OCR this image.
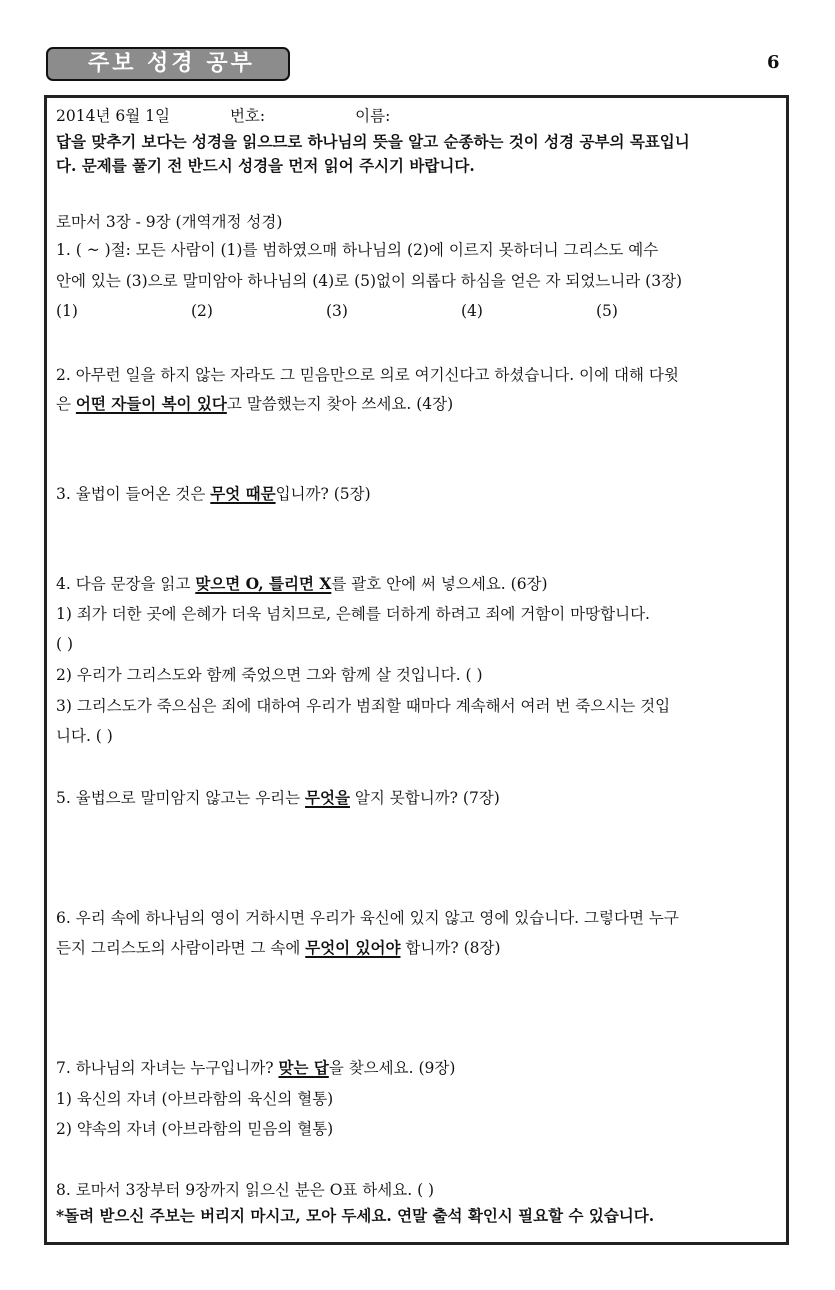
주보 성경 공부	6
2014년 6월 1일	번호:	이름:
답을 맞추기 보다는 성경을 읽으므로 하나님의 뜻을 알고 순종하는 것이 성경 공부의 목표입니
다. 문제를 풀기 전 반드시 성경을 먼저 읽어 주시기 바랍니다.
로마서 3장 - 9장 (개역개정 성경)
1. ( ~ )절: 모든 사람이 (1)를 범하였으매 하나님의 (2)에 이르지 못하더니 그리스도 예수
안에 있는 (3)으로 말미암아 하나님의 (4)로 (5)없이 의롭다 하심을 얻은 자 되었느니라 (3장)
(1)	(2)	(3)	(4)	(5)
2. 아무런 일을 하지 않는 자라도 그 믿음만으로 의로 여기신다고 하셨습니다. 이에 대해 다윗
은 어떤 자들이 복이 있다고 말씀했는지 찾아 쓰세요. (4장)
3. 율법이 들어온 것은 무엇 때문입니까? (5장)
4. 다음 문장을 읽고 맞으면 O, 틀리면 X를 괄호 안에 써 넣으세요. (6장)
1) 죄가 더한 곳에 은혜가 더욱 넘치므로, 은혜를 더하게 하려고 죄에 거함이 마땅합니다.
( )
2) 우리가 그리스도와 함께 죽었으면 그와 함께 살 것입니다. ( )
3) 그리스도가 죽으심은 죄에 대하여 우리가 범죄할 때마다 계속해서 여러 번 죽으시는 것입
니다. ( )
5. 율법으로 말미암지 않고는 우리는 무엇을 알지 못합니까? (7장)
6. 우리 속에 하나님의 영이 거하시면 우리가 육신에 있지 않고 영에 있습니다. 그렇다면 누구
든지 그리스도의 사람이라면 그 속에 무엇이 있어야 합니까? (8장)
7. 하나님의 자녀는 누구입니까? 맞는 답을 찾으세요. (9장)
1) 육신의 자녀 (아브라함의 육신의 혈통)
2) 약속의 자녀 (아브라함의 믿음의 혈통)
8. 로마서 3장부터 9장까지 읽으신 분은 O표 하세요. ( )
*돌려 받으신 주보는 버리지 마시고, 모아 두세요. 연말 출석 확인시 필요할 수 있습니다.
